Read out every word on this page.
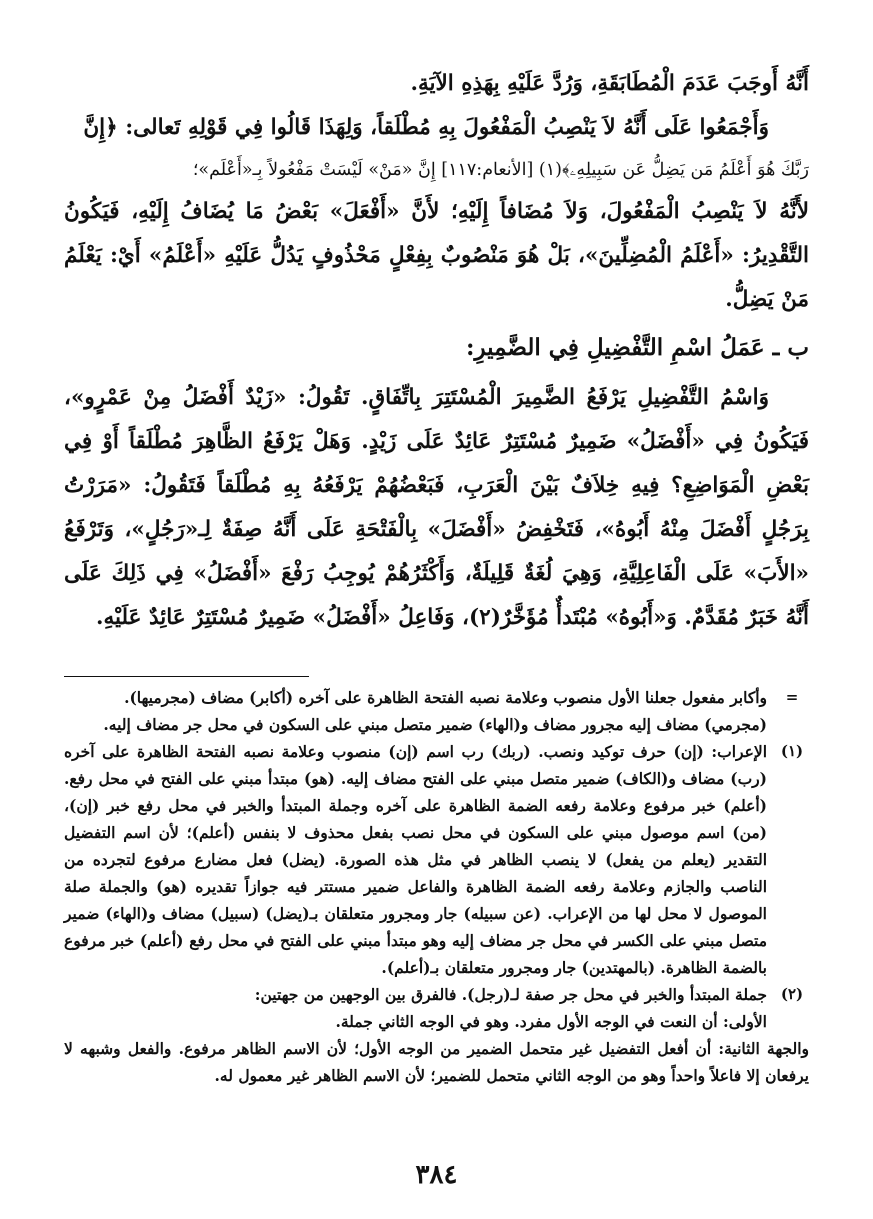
أَنَّهُ أَوجَبَ عَدَمَ الْمُطَابَقَةِ، وَرُدَّ عَلَيْهِ بِهَذِهِ الآيَةِ.

وَأَجْمَعُوا عَلَى أَنَّهُ لاَ يَنْصِبُ الْمَفْعُولَ بِهِ مُطْلَقاً، وَلِهَذَا قَالُوا فِي قَوْلِهِ تَعالى: ﴿إِنَّ

رَبَّكَ هُوَ أَعْلَمُ مَن يَضِلُّ عَن سَبِيلِهِۦ﴾(١) [الأنعام:١١٧] إِنَّ «مَنْ» لَيْسَتْ مَفْعُولاً بِـ«أَعْلَم»؛

لأَنَّهُ لاَ يَنْصِبُ الْمَفْعُولَ، وَلاَ مُضَافاً إِلَيْهِ؛ لأَنَّ «أَفْعَلَ» بَعْضُ مَا يُضَافُ إِلَيْهِ، فَيَكُونُ التَّقْدِيرُ: «أَعْلَمُ الْمُضِلِّينَ»، بَلْ هُوَ مَنْصُوبٌ بِفِعْلٍ مَحْذُوفٍ يَدُلُّ عَلَيْهِ «أَعْلَمُ» أَيْ: يَعْلَمُ مَنْ يَضِلُّ.

ب ـ عَمَلُ اسْمِ التَّفْضِيلِ فِي الضَّمِيرِ:

وَاسْمُ التَّفْضِيلِ يَرْفَعُ الضَّمِيرَ الْمُسْتَتِرَ بِاتِّفَاقٍ. تَقُولُ: «زَيْدٌ أَفْضَلُ مِنْ عَمْرٍو»، فَيَكُونُ فِي «أَفْضَلُ» ضَمِيرٌ مُسْتَتِرٌ عَائِدٌ عَلَى زَيْدٍ. وَهَلْ يَرْفَعُ الظَّاهِرَ مُطْلَقاً أَوْ فِي بَعْضِ الْمَوَاضِعِ؟ فِيهِ خِلاَفٌ بَيْنَ الْعَرَبِ، فَبَعْضُهُمْ يَرْفَعُهُ بِهِ مُطْلَقاً فَتَقُولُ: «مَرَرْتُ بِرَجُلٍ أَفْضَلَ مِنْهُ أَبُوهُ»، فَتَخْفِضُ «أَفْضَلَ» بِالْفَتْحَةِ عَلَى أَنَّهُ صِفَةٌ لِـ«رَجُلٍ»، وَتَرْفَعُ «الأَبَ» عَلَى الْفَاعِلِيَّةِ، وَهِيَ لُغَةٌ قَلِيلَةٌ، وَأَكْثَرُهُمْ يُوجِبُ رَفْعَ «أَفْضَلُ» فِي ذَلِكَ عَلَى أَنَّهُ خَبَرٌ مُقَدَّمٌ. وَ«أَبُوهُ» مُبْتَدأٌ مُؤَخَّرٌ(٢)، وَفَاعِلُ «أَفْضَلُ» ضَمِيرٌ مُسْتَتِرٌ عَائِدٌ عَلَيْهِ.

=

وأكابر مفعول جعلنا الأول منصوب وعلامة نصبه الفتحة الظاهرة على آخره (أكابر) مضاف (مجرميها).

(مجرمي) مضاف إليه مجرور مضاف و(الهاء) ضمير متصل مبني على السكون في محل جر مضاف إليه.

(١)

الإعراب: (إن) حرف توكيد ونصب. (ربك) رب اسم (إن) منصوب وعلامة نصبه الفتحة الظاهرة على آخره (رب) مضاف و(الكاف) ضمير متصل مبني على الفتح مضاف إليه. (هو) مبتدأ مبني على الفتح في محل رفع. (أعلم) خبر مرفوع وعلامة رفعه الضمة الظاهرة على آخره وجملة المبتدأ والخبر في محل رفع خبر (إن)، (من) اسم موصول مبني على السكون في محل نصب بفعل محذوف لا بنفس (أعلم)؛ لأن اسم التفضيل التقدير (يعلم من يفعل) لا ينصب الظاهر في مثل هذه الصورة. (يضل) فعل مضارع مرفوع لتجرده من الناصب والجازم وعلامة رفعه الضمة الظاهرة والفاعل ضمير مستتر فيه جوازاً تقديره (هو) والجملة صلة الموصول لا محل لها من الإعراب. (عن سبيله) جار ومجرور متعلقان بـ(يضل) (سبيل) مضاف و(الهاء) ضمير متصل مبني على الكسر في محل جر مضاف إليه وهو مبتدأ مبني على الفتح في محل رفع (أعلم) خبر مرفوع بالضمة الظاهرة. (بالمهتدين) جار ومجرور متعلقان بـ(أعلم).

(٢)

جملة المبتدأ والخبر في محل جر صفة لـ(رجل). فالفرق بين الوجهين من جهتين:

الأولى: أن النعت في الوجه الأول مفرد. وهو في الوجه الثاني جملة.

والجهة الثانية: أن أفعل التفضيل غير متحمل الضمير من الوجه الأول؛ لأن الاسم الظاهر مرفوع. والفعل وشبهه لا يرفعان إلا فاعلاً واحداً وهو من الوجه الثاني متحمل للضمير؛ لأن الاسم الظاهر غير معمول له.

٣٨٤
